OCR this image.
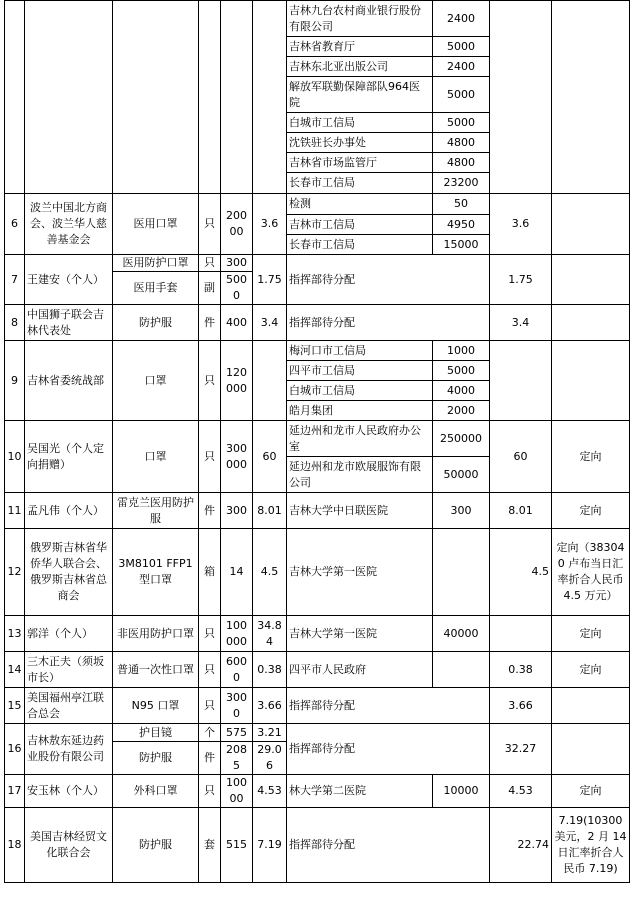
						吉林九台农村商业银行股份有限公司	2400		
						吉林省教育厅	5000		
						吉林东北亚出版公司	2400		
						解放军联勤保障部队964医院	5000		
						白城市工信局	5000		
						沈铁驻长办事处	4800		
						吉林省市场监管厅	4800		
						长春市工信局	23200		
6	波兰中国北方商会、波兰华人慈善基金会	医用口罩	只	20000	3.6	检测	50	3.6	
						吉林市工信局	4950		
						长春市工信局	15000		
7	王建安（个人）	医用防护口罩	只	300	1.75	指挥部待分配		1.75	
		医用手套	副	5000					
8	中国狮子联会吉林代表处	防护服	件	400	3.4	指挥部待分配		3.4	
9	吉林省委统战部	口罩	只	120000		梅河口市工信局	1000		
						四平市工信局	5000		
						白城市工信局	4000		
						皓月集团	2000		
10	吴国光（个人定向捐赠）	口罩	只	300000	60	延边州和龙市人民政府办公室	250000	60	定向
						延边州和龙市欧展服饰有限公司	50000		
11	孟凡伟（个人）	雷克兰医用防护服	件	300	8.01	吉林大学中日联医院	300	8.01	定向
12	俄罗斯吉林省华侨华人联合会、俄罗斯吉林省总商会	3M8101 FFP1 型口罩	箱	14	4.5	吉林大学第一医院		4.5	定向（383040 卢布当日汇率折合人民币 4.5 万元）
13	郭洋（个人）	非医用防护口罩	只	100000	34.84	吉林大学第一医院	40000		定向
14	三木正夫（须坂市长）	普通一次性口罩	只	6000	0.38	四平市人民政府		0.38	定向
15	美国福州亭江联合总会	N95 口罩	只	3000	3.66	指挥部待分配		3.66	
16	吉林敖东延边药业股份有限公司	护目镜	个	575	3.21	指挥部待分配		32.27	
		防护服	件	2085	29.06				
17	安玉林（个人）	外科口罩	只	10000	4.53	林大学第二医院	10000	4.53	定向
18	美国吉林经贸文化联合会	防护服	套	515	7.19	指挥部待分配		22.74	7.19(10300 美元，2 月 14 日汇率折合人民币 7.19)
